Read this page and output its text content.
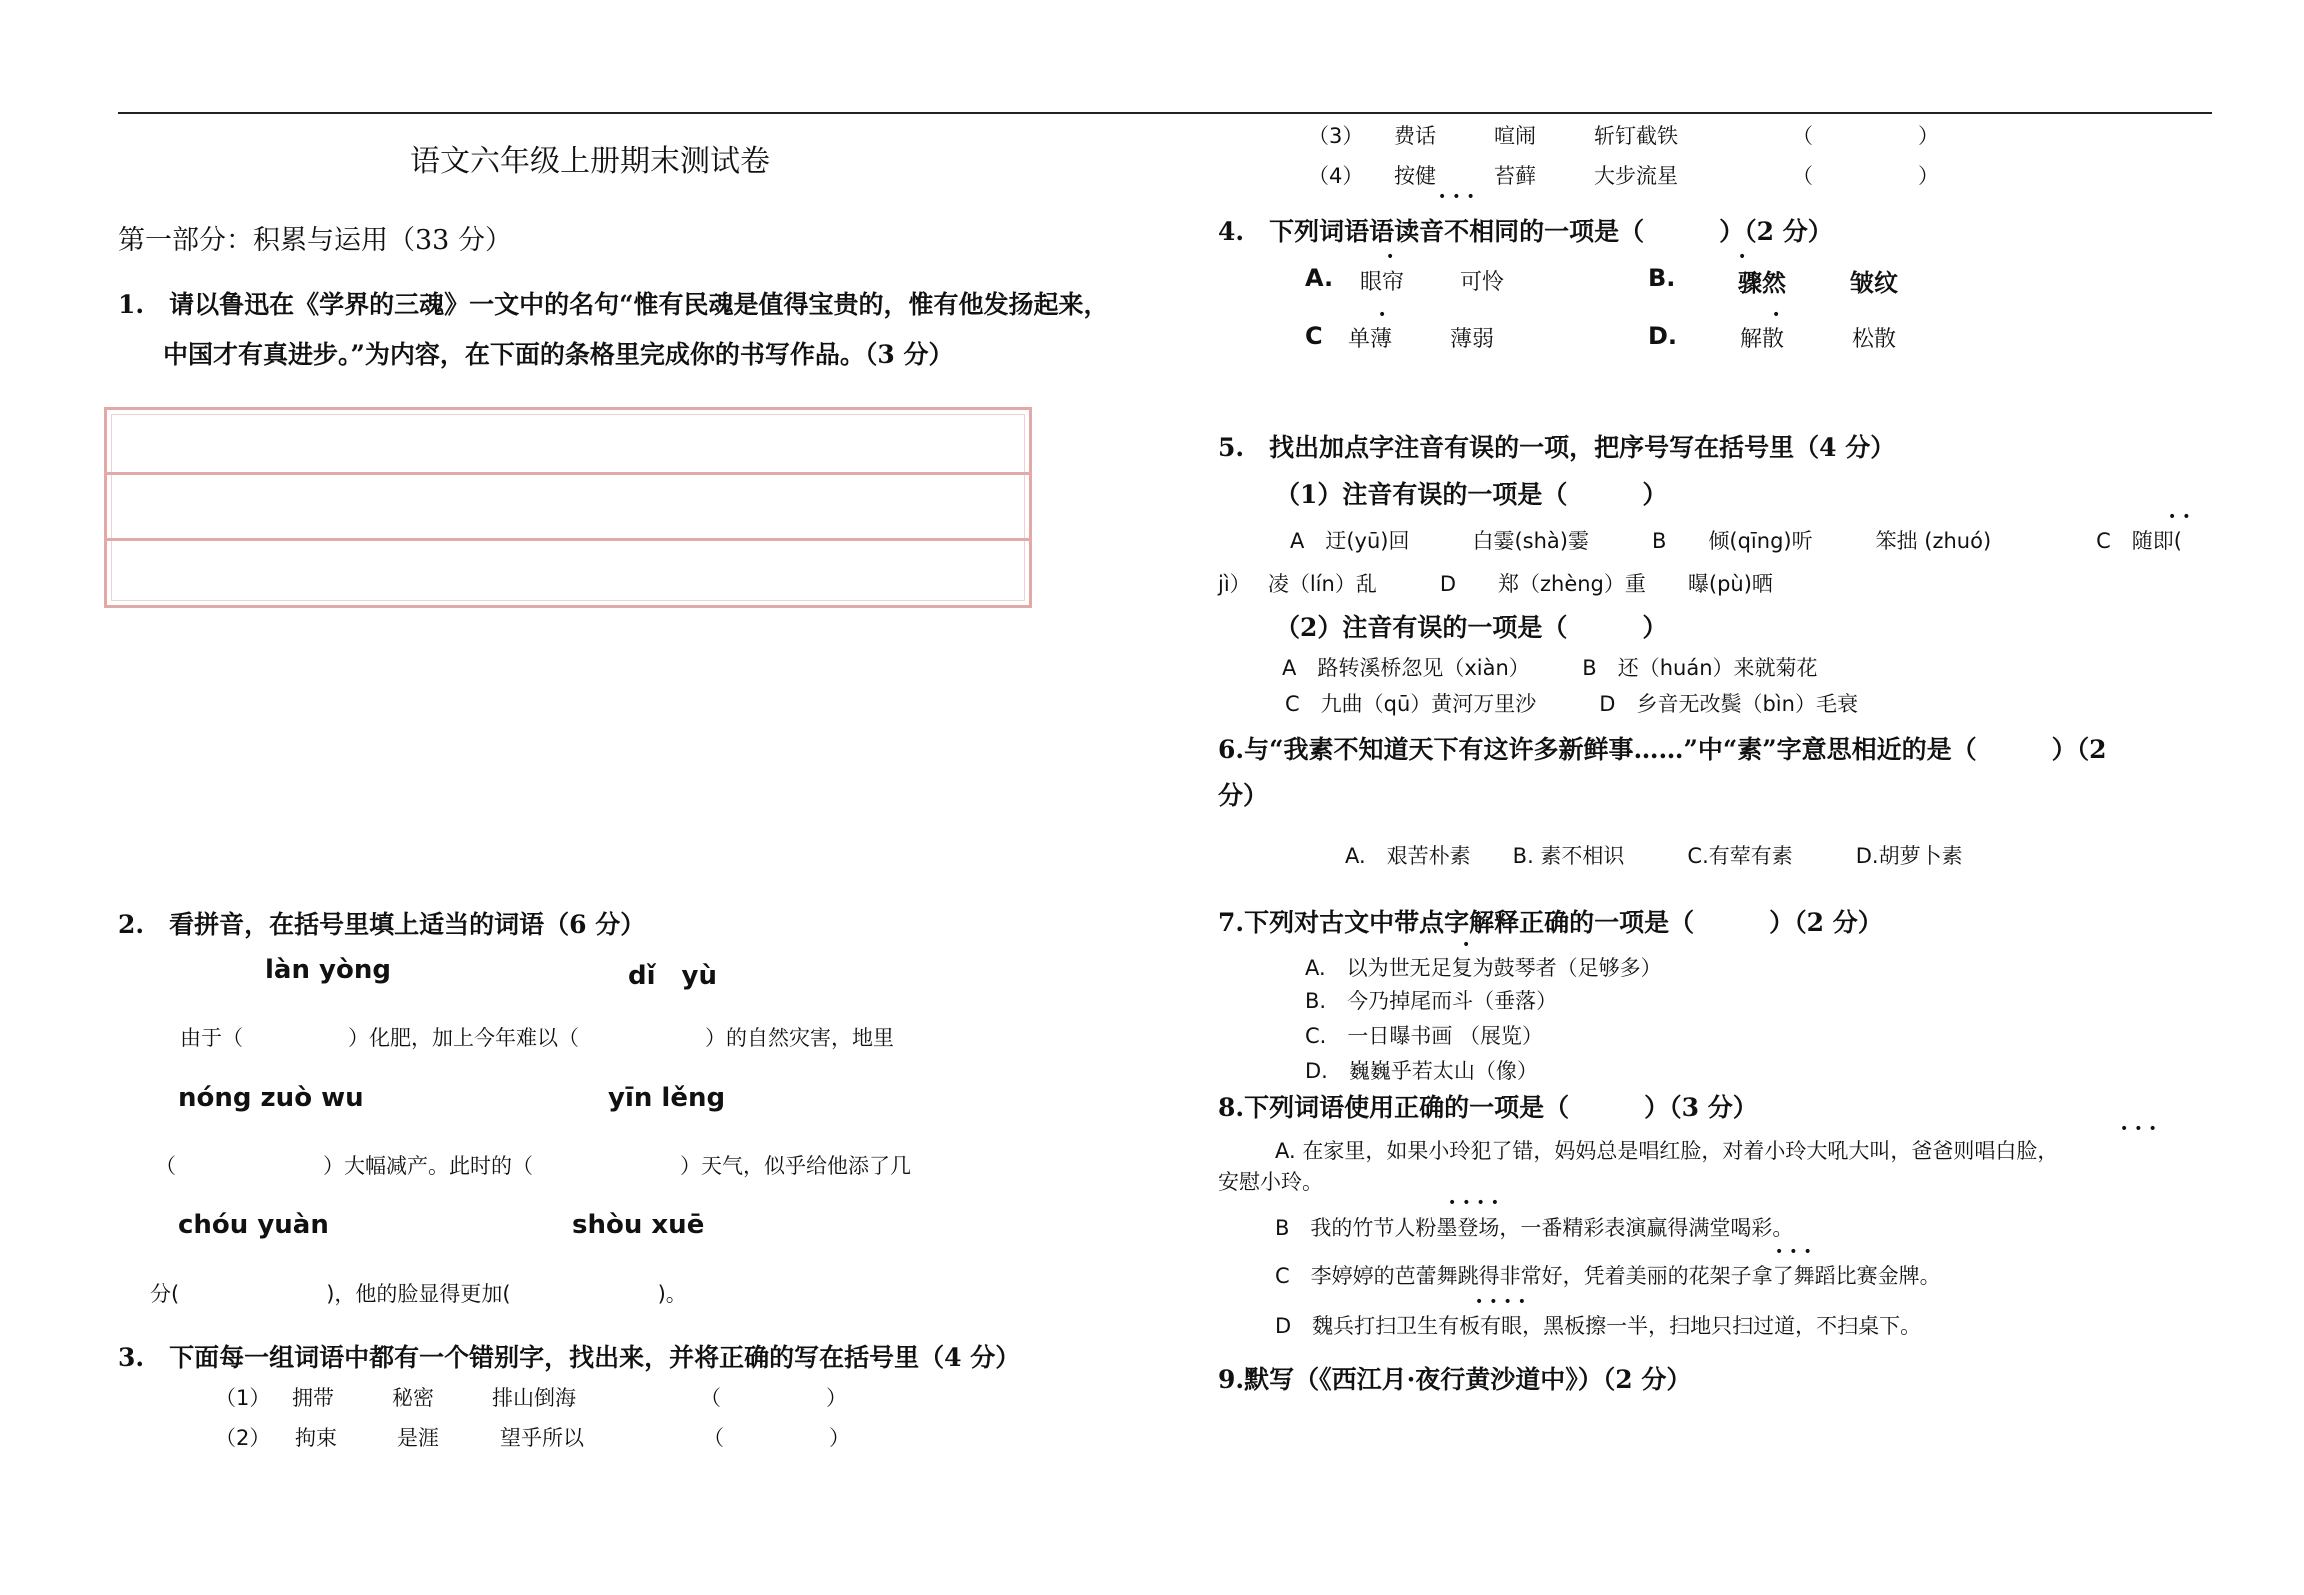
语文六年级上册期末测试卷
第一部分：积累与运用（33 分）
1.　请以鲁迅在《学界的三魂》一文中的名句“惟有民魂是值得宝贵的，惟有他发扬起来，
中国才有真进步。”为内容，在下面的条格里完成你的书写作品。（3 分）
2.　看拼音，在括号里填上适当的词语（6 分）
làn yòng	dǐ　yù
由于（　　　　　）化肥，加上今年难以（　　　　　　）的自然灾害，地里
nóng zuò wu	yīn lěng
（　　　　　　　）大幅减产。此时的（　　　　　　　）天气，似乎给他添了几
chóu yuàn	shòu xuē
分(　　　　　　　)，他的脸显得更加(　　　　　　　)。
3.　下面每一组词语中都有一个错别字，找出来，并将正确的写在括号里（4 分）
（1） 拥带	秘密	排山倒海	（　　　　　）
（2） 拘束	是涯	望乎所以	（　　　　　）
（3） 费话	喧闹	斩钉截铁	（　　　　　）
（4） 按健	苔藓	大步流星	（　　　　　）
•••
4.　下列词语语读音不相同的一项是（　　　）（2 分）
A. 眼帘	可怜	B.	骤然	皱纹
C 单薄	薄弱	D.	解散	松散
•	•
•	•
5.　找出加点字注音有误的一项，把序号写在括号里（4 分）
（1）注音有误的一项是（　　　）
A　迂(yū)回　　　白霎(shà)霎　　　B　　倾(qīng)听　　　笨拙 (zhuó)　　　　　C　随即(
jì）　 凌（lín）乱　　　D　　郑（zhèng）重　　曝(pù)晒
••
（2）注音有误的一项是（　　　）
A　路转溪桥忽见（xiàn）　　　B　还（huán）来就菊花
C　九曲（qū）黄河万里沙　　　D　乡音无改鬓（bìn）毛衰
6.与“我素不知道天下有这许多新鲜事……”中“素”字意思相近的是（　　　）（2
分）
A.　艰苦朴素　　B. 素不相识　　　C.有荤有素　　　D.胡萝卜素
7.下列对古文中带点字解释正确的一项是（　　　）（2 分）
•
A.　以为世无足复为鼓琴者（足够多）
B.　今乃掉尾而斗（垂落）
C.　一日曝书画 （展览）
D.　巍巍乎若太山（像）
8.下列词语使用正确的一项是（　　　）（3 分）
•••
A. 在家里，如果小玲犯了错，妈妈总是唱红脸，对着小玲大吼大叫，爸爸则唱白脸，
安慰小玲。
••••
B　我的竹节人粉墨登场，一番精彩表演赢得满堂喝彩。
•••
C　李婷婷的芭蕾舞跳得非常好，凭着美丽的花架子拿了舞蹈比赛金牌。
••••
D　魏兵打扫卫生有板有眼，黑板擦一半，扫地只扫过道，不扫桌下。
9.默写（《西江月·夜行黄沙道中》）（2 分）
